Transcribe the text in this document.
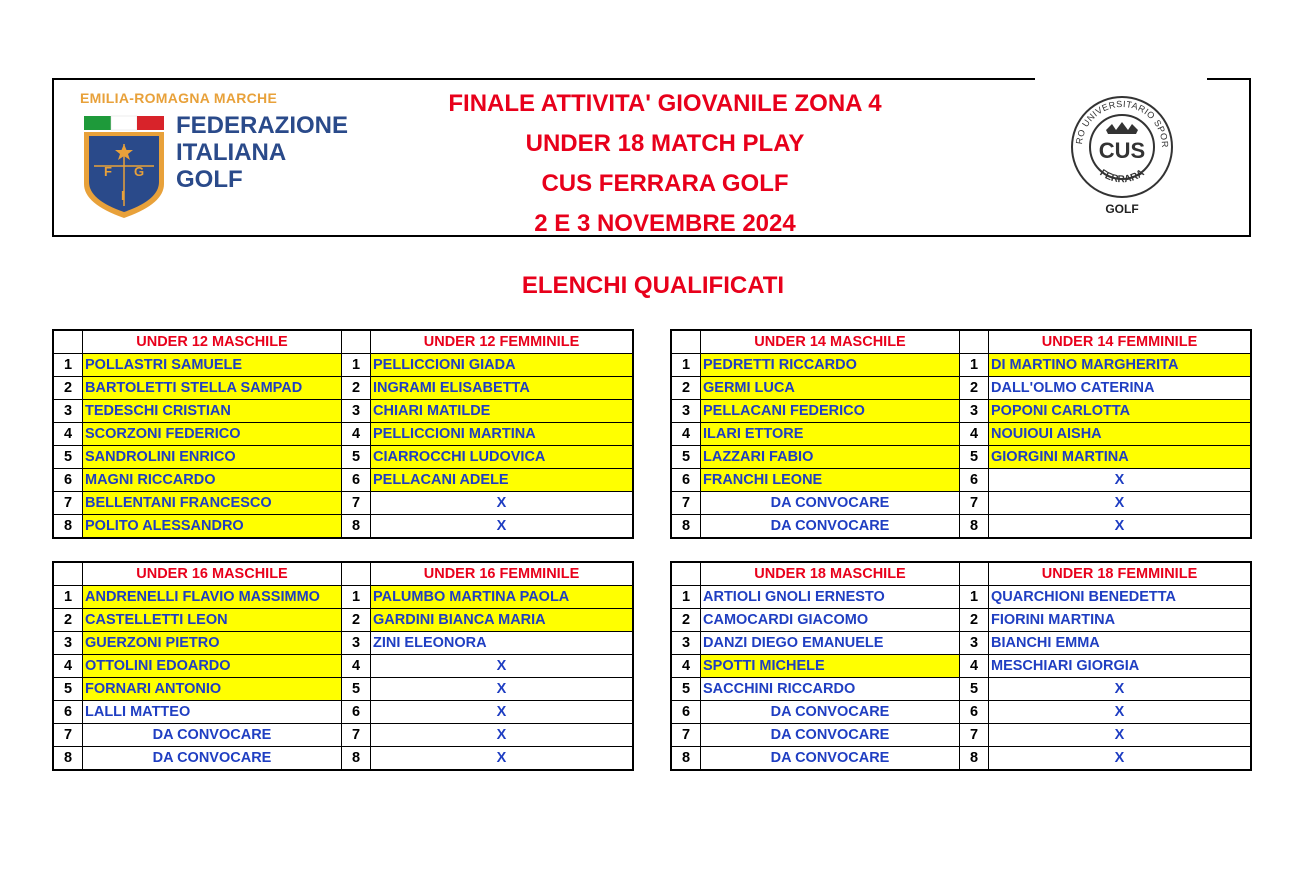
EMILIA-ROMAGNA MARCHE
F G
I
FEDERAZIONE
ITALIANA
GOLF
FINALE ATTIVITA' GIOVANILE ZONA 4
UNDER 18 MATCH PLAY
CUS FERRARA GOLF
2 E 3 NOVEMBRE 2024
RO UNIVERSITARIO SPOR
FERRARA
CUS
GOLF
ELENCHI QUALIFICATI
	UNDER 12 MASCHILE		UNDER 12 FEMMINILE
1	POLLASTRI SAMUELE	1	PELLICCIONI GIADA
2	BARTOLETTI STELLA SAMPAD	2	INGRAMI ELISABETTA
3	TEDESCHI CRISTIAN	3	CHIARI MATILDE
4	SCORZONI FEDERICO	4	PELLICCIONI MARTINA
5	SANDROLINI ENRICO	5	CIARROCCHI LUDOVICA
6	MAGNI RICCARDO	6	PELLACANI ADELE
7	BELLENTANI FRANCESCO	7	X
8	POLITO ALESSANDRO	8	X
	UNDER 14 MASCHILE		UNDER 14 FEMMINILE
1	PEDRETTI RICCARDO	1	DI MARTINO MARGHERITA
2	GERMI LUCA	2	DALL'OLMO CATERINA
3	PELLACANI FEDERICO	3	POPONI CARLOTTA
4	ILARI ETTORE	4	NOUIOUI AISHA
5	LAZZARI FABIO	5	GIORGINI MARTINA
6	FRANCHI LEONE	6	X
7	DA CONVOCARE	7	X
8	DA CONVOCARE	8	X
	UNDER 16 MASCHILE		UNDER 16 FEMMINILE
1	ANDRENELLI FLAVIO MASSIMMO	1	PALUMBO MARTINA PAOLA
2	CASTELLETTI LEON	2	GARDINI BIANCA MARIA
3	GUERZONI PIETRO	3	ZINI ELEONORA
4	OTTOLINI EDOARDO	4	X
5	FORNARI ANTONIO	5	X
6	LALLI MATTEO	6	X
7	DA CONVOCARE	7	X
8	DA CONVOCARE	8	X
	UNDER 18 MASCHILE		UNDER 18 FEMMINILE
1	ARTIOLI GNOLI ERNESTO	1	QUARCHIONI BENEDETTA
2	CAMOCARDI GIACOMO	2	FIORINI MARTINA
3	DANZI DIEGO EMANUELE	3	BIANCHI EMMA
4	SPOTTI MICHELE	4	MESCHIARI GIORGIA
5	SACCHINI RICCARDO	5	X
6	DA CONVOCARE	6	X
7	DA CONVOCARE	7	X
8	DA CONVOCARE	8	X
